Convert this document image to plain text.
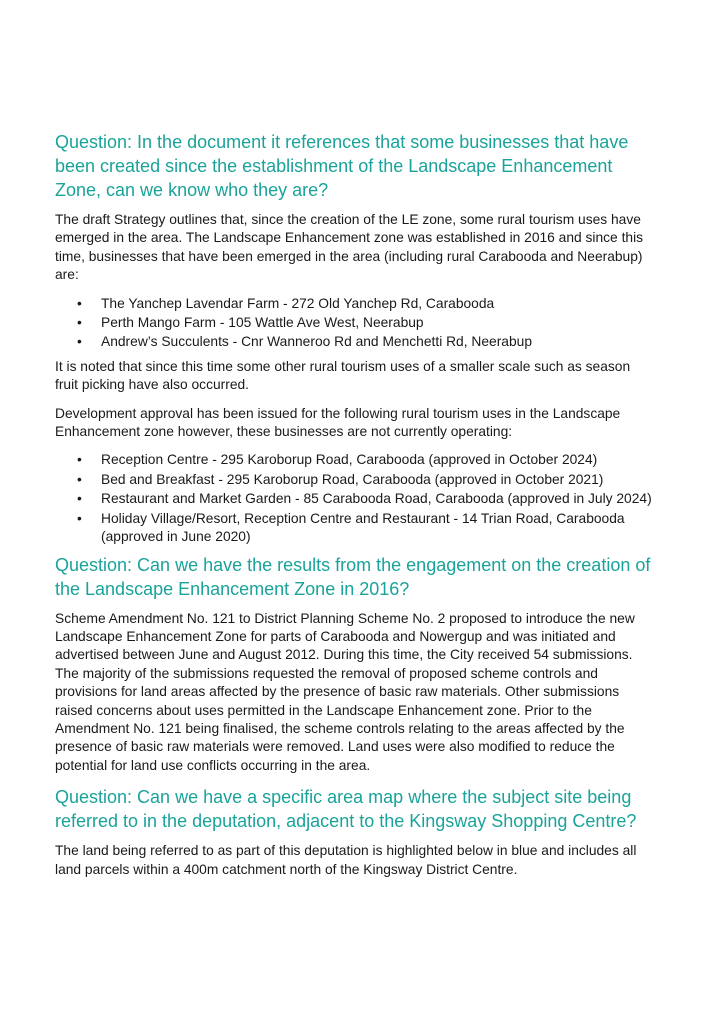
Question: In the document it references that some businesses that have been created since the establishment of the Landscape Enhancement Zone, can we know who they are?

The draft Strategy outlines that, since the creation of the LE zone, some rural tourism uses have emerged in the area. The Landscape Enhancement zone was established in 2016 and since this time, businesses that have been emerged in the area (including rural Carabooda and Neerabup) are:

• The Yanchep Lavendar Farm - 272 Old Yanchep Rd, Carabooda
• Perth Mango Farm - 105 Wattle Ave West, Neerabup
• Andrew’s Succulents - Cnr Wanneroo Rd and Menchetti Rd, Neerabup

It is noted that since this time some other rural tourism uses of a smaller scale such as season fruit picking have also occurred.

Development approval has been issued for the following rural tourism uses in the Landscape Enhancement zone however, these businesses are not currently operating:

• Reception Centre - 295 Karoborup Road, Carabooda (approved in October 2024)
• Bed and Breakfast - 295 Karoborup Road, Carabooda (approved in October 2021)
• Restaurant and Market Garden - 85 Carabooda Road, Carabooda (approved in July 2024)
• Holiday Village/Resort, Reception Centre and Restaurant - 14 Trian Road, Carabooda (approved in June 2020)
Question: Can we have the results from the engagement on the creation of the Landscape Enhancement Zone in 2016?

Scheme Amendment No. 121 to District Planning Scheme No. 2 proposed to introduce the new Landscape Enhancement Zone for parts of Carabooda and Nowergup and was initiated and advertised between June and August 2012. During this time, the City received 54 submissions. The majority of the submissions requested the removal of proposed scheme controls and provisions for land areas affected by the presence of basic raw materials. Other submissions raised concerns about uses permitted in the Landscape Enhancement zone. Prior to the Amendment No. 121 being finalised, the scheme controls relating to the areas affected by the presence of basic raw materials were removed. Land uses were also modified to reduce the potential for land use conflicts occurring in the area.

Question: Can we have a specific area map where the subject site being referred to in the deputation, adjacent to the Kingsway Shopping Centre?

The land being referred to as part of this deputation is highlighted below in blue and includes all land parcels within a 400m catchment north of the Kingsway District Centre.
